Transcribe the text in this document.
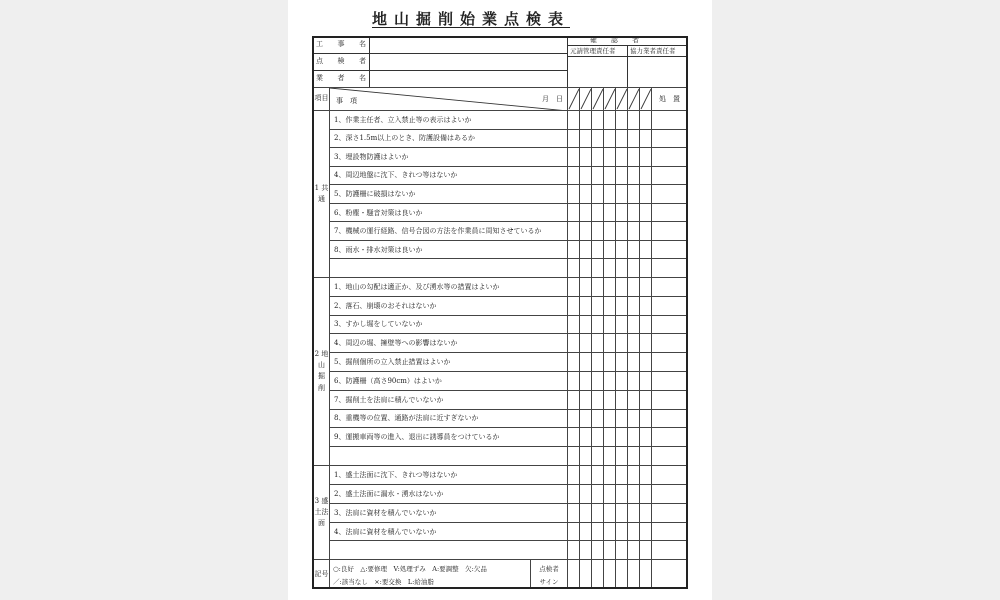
地山掘削始業点検表
工事名
点検者
業者名
確　　認　　者
元請管理責任者 協力業者責任者
項目	事　項 月　日								処　置
1 共 通	1、作業主任者、立入禁止等の表示はよいか								
	2、深さ1.5m以上のとき、防護設備はあるか								
	3、埋設物防護はよいか								
	4、周辺地盤に沈下、きれつ等はないか								
	5、防護柵に破損はないか								
	6、粉塵・騒音対策は良いか								
	7、機械の運行経路、信号合図の方法を作業員に周知させているか								
	8、雨水・排水対策は良いか								

2 地 山 掘 削	1、地山の勾配は適正か、及び湧水等の措置はよいか								
	2、落石、崩壊のおそれはないか								
	3、すかし堀をしていないか								
	4、周辺の堀、擁壁等への影響はないか								
	5、掘削個所の立入禁止措置はよいか								
	6、防護柵（高さ90cm）はよいか								
	7、掘削土を法肩に積んでいないか								
	8、重機等の位置、通路が法肩に近すぎないか								
	9、運搬車両等の進入、退出に誘導員をつけているか								

3 盛土法面	1、盛土法面に沈下、きれつ等はないか								
	2、盛土法面に漏水・湧水はないか								
	3、法肩に資材を積んでいないか								
	4、法肩に資材を積んでいないか								

記号	○:良好　△:要修理　V:処理ずみ　A:要調整　欠:欠品
／:該当なし　×:要交換　L:給油脂
点検者
サイン								
